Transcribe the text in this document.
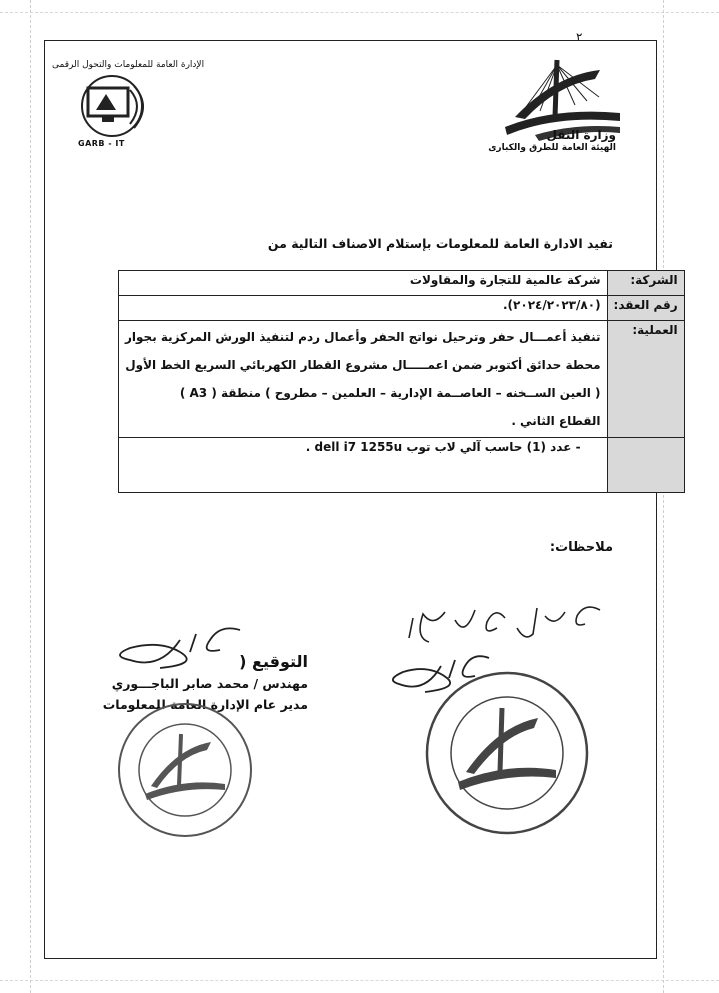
٢
وزارة النقل
الهيئة العامة للطرق والكبارى
الإدارة العامة للمعلومات والتحول الرقمى
GARB - IT
تفيد الادارة العامة للمعلومات بإستلام الاصناف التالية من
الشركة:	شركة عالمية للتجارة والمقاولات
رقم العقد:	(٢٠٢٤/٢٠٢٣/٨٠).
العملية:	تنفيذ أعمـــال حفر وترحيل نواتج الحفر وأعمال ردم لتنفيذ الورش المركزية بجوار
محطة حدائق أكتوبر ضمن اعمـــــال مشروع القطار الكهربائي السريع الخط الأول
( العين الســخنه – العاصــمة الإدارية – العلمين – مطروح ) منطقة ( A3 )
القطاع الثاني .

	- عدد (1) حاسب آلي لاب توب dell i7 1255u .
ملاحظات:
التوقيع (
مهندس / محمد صابر الباجـــوري
مدير عام الإدارة العامة للمعلومات
